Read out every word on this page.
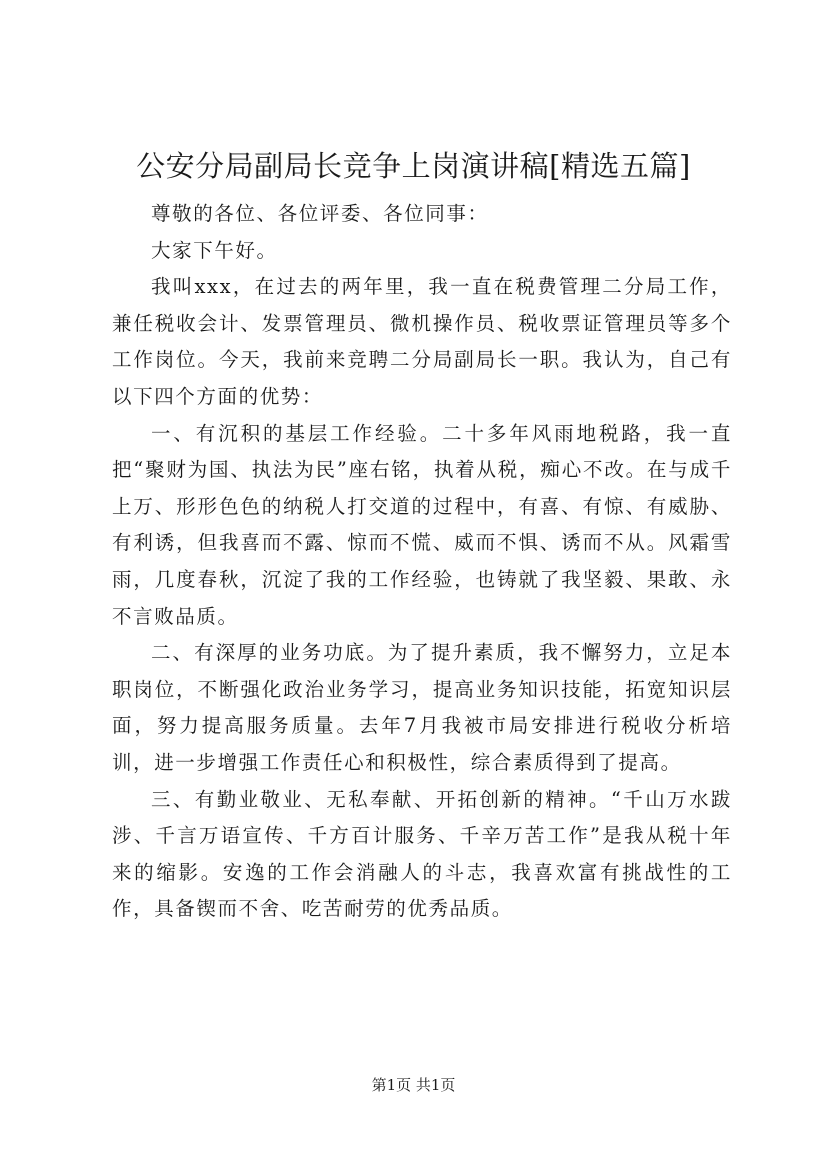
公安分局副局长竞争上岗演讲稿[精选五篇]

尊敬的各位、各位评委、各位同事：

大家下午好。

我叫xxx，在过去的两年里，我一直在税费管理二分局工作，兼任税收会计、发票管理员、微机操作员、税收票证管理员等多个工作岗位。今天，我前来竞聘二分局副局长一职。我认为，自己有以下四个方面的优势：

一、有沉积的基层工作经验。二十多年风雨地税路，我一直把“聚财为国、执法为民”座右铭，执着从税，痴心不改。在与成千上万、形形色色的纳税人打交道的过程中，有喜、有惊、有威胁、有利诱，但我喜而不露、惊而不慌、威而不惧、诱而不从。风霜雪雨，几度春秋，沉淀了我的工作经验，也铸就了我坚毅、果敢、永不言败品质。

二、有深厚的业务功底。为了提升素质，我不懈努力，立足本职岗位，不断强化政治业务学习，提高业务知识技能，拓宽知识层面，努力提高服务质量。去年7月我被市局安排进行税收分析培训，进一步增强工作责任心和积极性，综合素质得到了提高。

三、有勤业敬业、无私奉献、开拓创新的精神。“千山万水跋涉、千言万语宣传、千方百计服务、千辛万苦工作”是我从税十年来的缩影。安逸的工作会消融人的斗志，我喜欢富有挑战性的工作，具备锲而不舍、吃苦耐劳的优秀品质。

第1页 共1页
